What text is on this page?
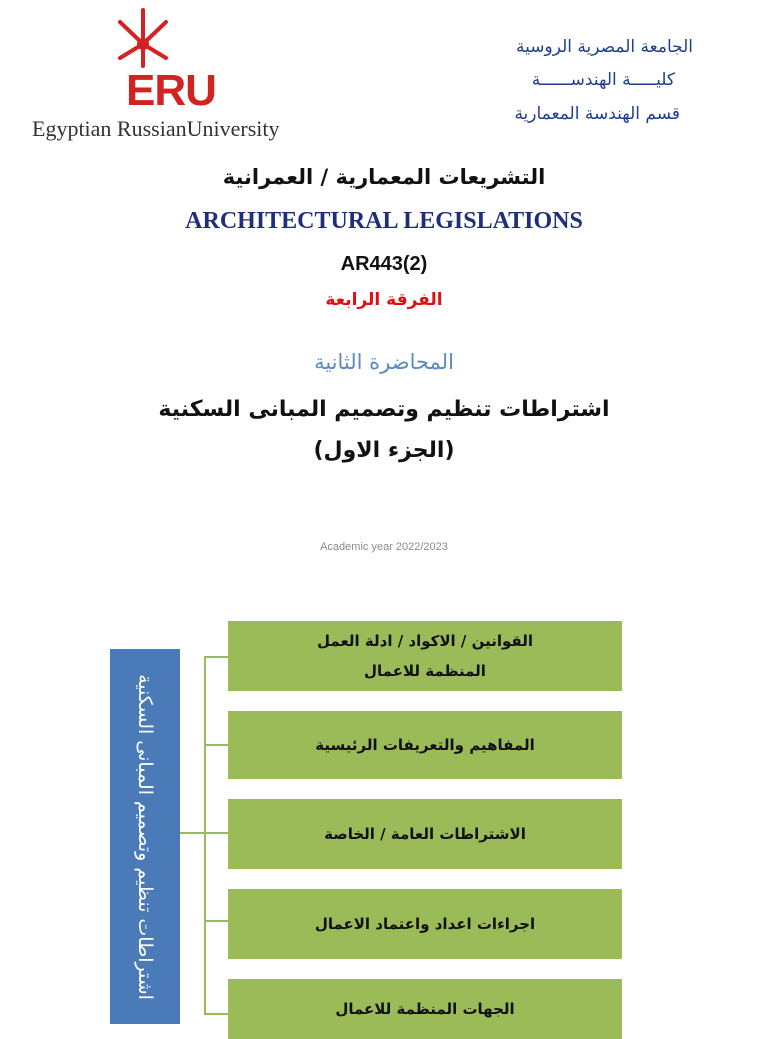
ERU
Egyptian RussianUniversity
الجامعة المصرية الروسية
كليـــــة الهندســــــة
قسم الهندسة المعمارية
التشريعات المعمارية / العمرانية
ARCHITECTURAL LEGISLATIONS
AR443(2)
الفرقة الرابعة
المحاضرة الثانية
اشتراطات تنظيم وتصميم المبانى السكنية
(الجزء الاول)
Academic year 2022/2023
اشتراطات تنظيم وتصميم المبانى السكنية
القوانين / الاكواد / ادلة العمل
المنظمة للاعمال
المفاهيم والتعريفات الرئيسية
الاشتراطات العامة / الخاصة
اجراءات اعداد واعتماد الاعمال
الجهات المنظمة للاعمال
